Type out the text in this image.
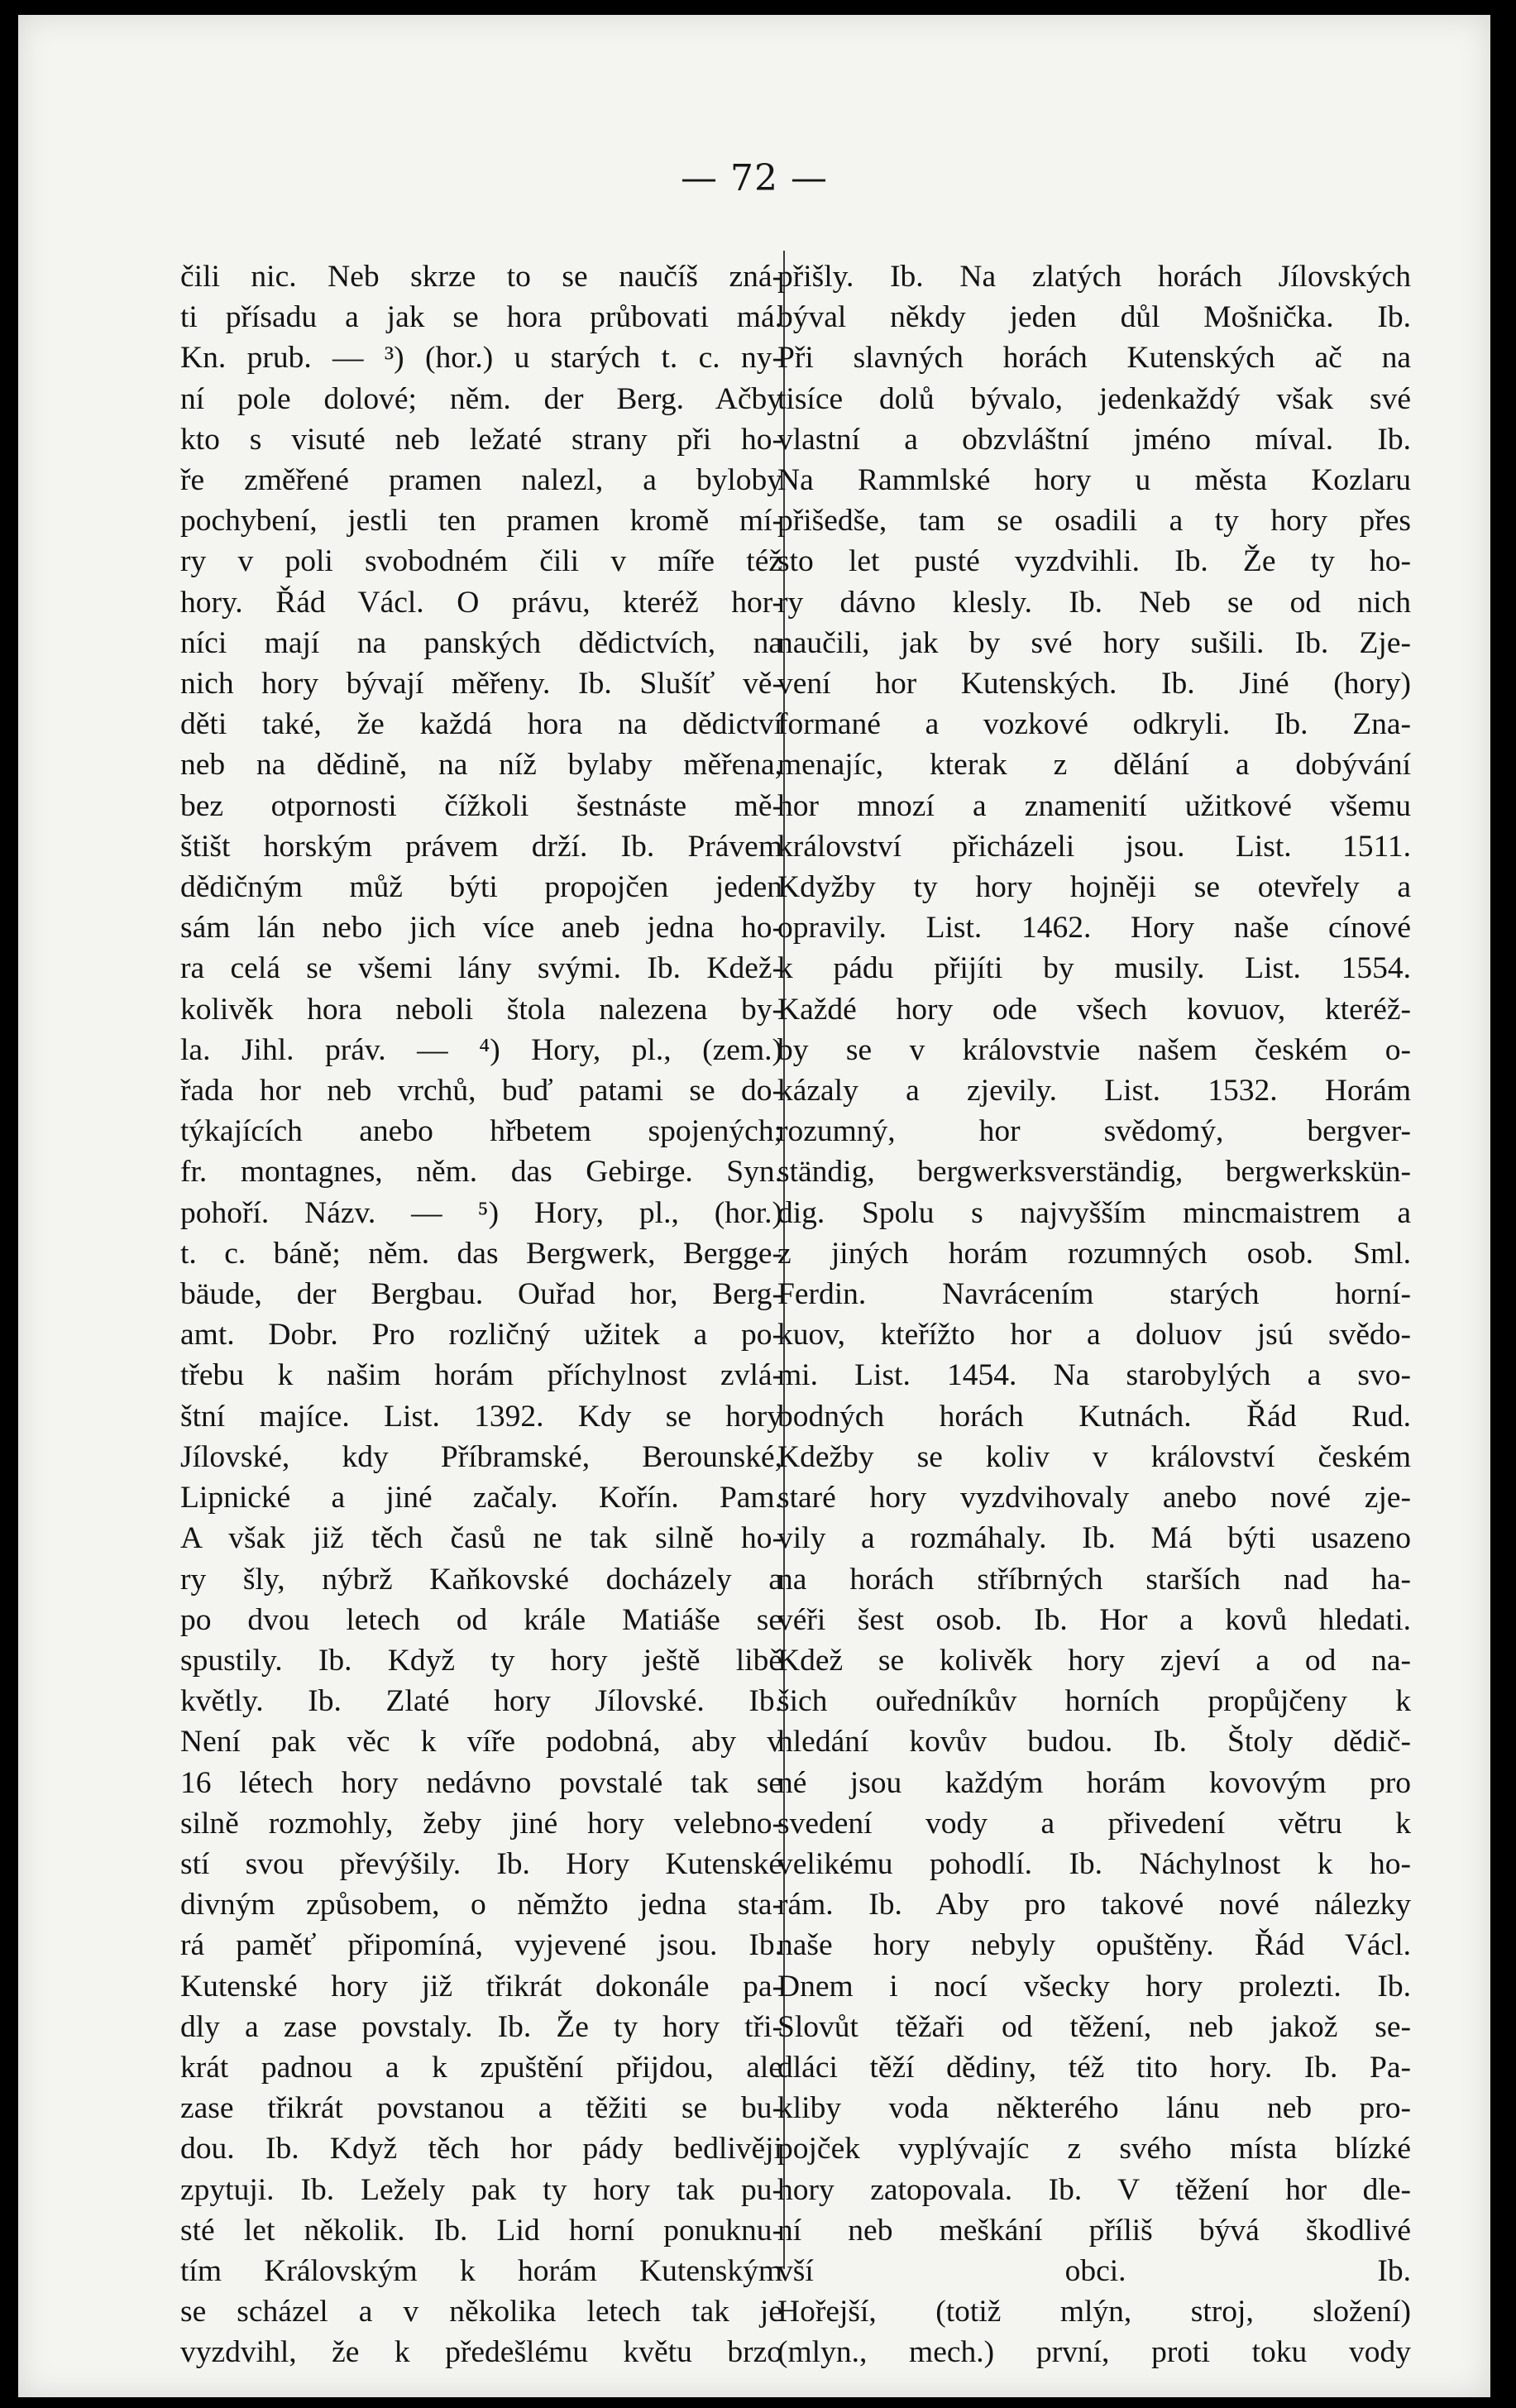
— 72 —
čili nic. Neb skrze to se naučíš zná-
ti přísadu a jak se hora průbovati má.
Kn. prub. — ³) (hor.) u starých t. c. ny-
ní pole dolové; něm. der Berg. Ačby
kto s visuté neb ležaté strany při ho-
ře změřené pramen nalezl, a byloby
pochybení, jestli ten pramen kromě mí-
ry v poli svobodném čili v míře též
hory. Řád Václ. O právu, kteréž hor-
níci mají na panských dědictvích, na
nich hory bývají měřeny. Ib. Slušíť vě-
děti také, že každá hora na dědictví
neb na dědině, na níž bylaby měřena,
bez otpornosti čížkoli šestnáste mě-
štišt horským právem drží. Ib. Právem
dědičným můž býti propojčen jeden
sám lán nebo jich více aneb jedna ho-
ra celá se všemi lány svými. Ib. Kdež-
kolivěk hora neboli štola nalezena by-
la. Jihl. práv. — ⁴) Hory, pl., (zem.)
řada hor neb vrchů, buď patami se do-
týkajících anebo hřbetem spojených;
fr. montagnes, něm. das Gebirge. Syn.
pohoří. Názv. — ⁵) Hory, pl., (hor.)
t. c. báně; něm. das Bergwerk, Bergge-
bäude, der Bergbau. Ouřad hor, Berg-
amt. Dobr. Pro rozličný užitek a po-
třebu k našim horám příchylnost zvlá-
štní majíce. List. 1392. Kdy se hory
Jílovské, kdy Příbramské, Berounské,
Lipnické a jiné začaly. Kořín. Pam.
A však již těch časů ne tak silně ho-
ry šly, nýbrž Kaňkovské docházely a
po dvou letech od krále Matiáše se
spustily. Ib. Když ty hory ještě libě
květly. Ib. Zlaté hory Jílovské. Ib.
Není pak věc k víře podobná, aby v
16 létech hory nedávno povstalé tak se
silně rozmohly, žeby jiné hory velebno-
stí svou převýšily. Ib. Hory Kutenské
divným způsobem, o němžto jedna sta-
rá paměť připomíná, vyjevené jsou. Ib.
Kutenské hory již třikrát dokonále pa-
dly a zase povstaly. Ib. Že ty hory tři-
krát padnou a k zpuštění přijdou, ale
zase třikrát povstanou a těžiti se bu-
dou. Ib. Když těch hor pády bedlivěji
zpytuji. Ib. Ležely pak ty hory tak pu-
sté let několik. Ib. Lid horní ponuknu-
tím Královským k horám Kutenským
se scházel a v několika letech tak je
vyzdvihl, že k předešlému květu brzo
přišly. Ib. Na zlatých horách Jílovských
býval někdy jeden důl Mošnička. Ib.
Při slavných horách Kutenských ač na
tisíce dolů bývalo, jedenkaždý však své
vlastní a obzvláštní jméno míval. Ib.
Na Rammlské hory u města Kozlaru
přišedše, tam se osadili a ty hory přes
sto let pusté vyzdvihli. Ib. Že ty ho-
ry dávno klesly. Ib. Neb se od nich
naučili, jak by své hory sušili. Ib. Zje-
vení hor Kutenských. Ib. Jiné (hory)
formané a vozkové odkryli. Ib. Zna-
menajíc, kterak z dělání a dobývání
hor mnozí a znamenití užitkové všemu
království přicházeli jsou. List. 1511.
Kdyžby ty hory hojněji se otevřely a
opravily. List. 1462. Hory naše cínové
k pádu přijíti by musily. List. 1554.
Každé hory ode všech kovuov, kteréž-
by se v královstvie našem českém o-
kázaly a zjevily. List. 1532. Horám
rozumný, hor svědomý, bergver-
ständig, bergwerksverständig, bergwerkskün-
dig. Spolu s najvyšším mincmaistrem a
z jiných horám rozumných osob. Sml.
Ferdin. Navrácením starých horní-
kuov, kteřížto hor a doluov jsú svědo-
mi. List. 1454. Na starobylých a svo-
bodných horách Kutnách. Řád Rud.
Kdežby se koliv v království českém
staré hory vyzdvihovaly anebo nové zje-
vily a rozmáhaly. Ib. Má býti usazeno
na horách stříbrných starších nad ha-
véři šest osob. Ib. Hor a kovů hledati.
Kdež se kolivěk hory zjeví a od na-
šich ouředníkův horních propůjčeny k
hledání kovův budou. Ib. Štoly dědič-
né jsou každým horám kovovým pro
svedení vody a přivedení větru k
velikému pohodlí. Ib. Náchylnost k ho-
rám. Ib. Aby pro takové nové nálezky
naše hory nebyly opuštěny. Řád Václ.
Dnem i nocí všecky hory prolezti. Ib.
Slovůt těžaři od těžení, neb jakož se-
dláci těží dědiny, též tito hory. Ib. Pa-
kliby voda některého lánu neb pro-
pojček vyplývajíc z svého místa blízké
hory zatopovala. Ib. V těžení hor dle-
ní neb meškání příliš bývá škodlivé
vší obci. Ib.
Hořejší, (totiž mlýn, stroj, složení)
(mlyn., mech.) první, proti toku vody
